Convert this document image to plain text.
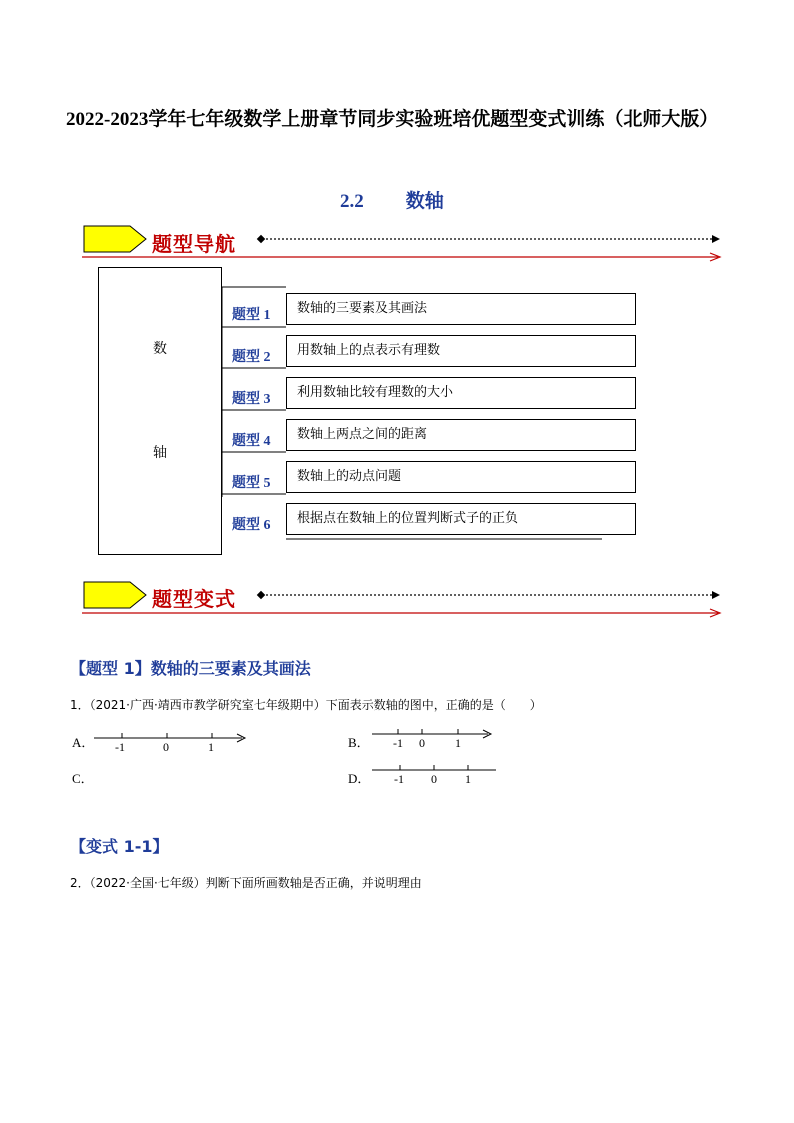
2022-2023学年七年级数学上册章节同步实验班培优题型变式训练（北师大版）
2.2 数轴
题型导航
数
轴
题型 1	数轴的三要素及其画法
题型 2	用数轴上的点表示有理数
题型 3	利用数轴比较有理数的大小
题型 4	数轴上两点之间的距离
题型 5	数轴上的动点问题
题型 6	根据点在数轴上的位置判断式子的正负
题型变式
【题型 1】数轴的三要素及其画法
1．（2021·广西·靖西市教学研究室七年级期中）下面表示数轴的图中，正确的是（　　）
A． -1	0	1	B． -1 0	1
C．	D． -1 0 1
【变式 1-1】
2．（2022·全国·七年级）判断下面所画数轴是否正确，并说明理由
